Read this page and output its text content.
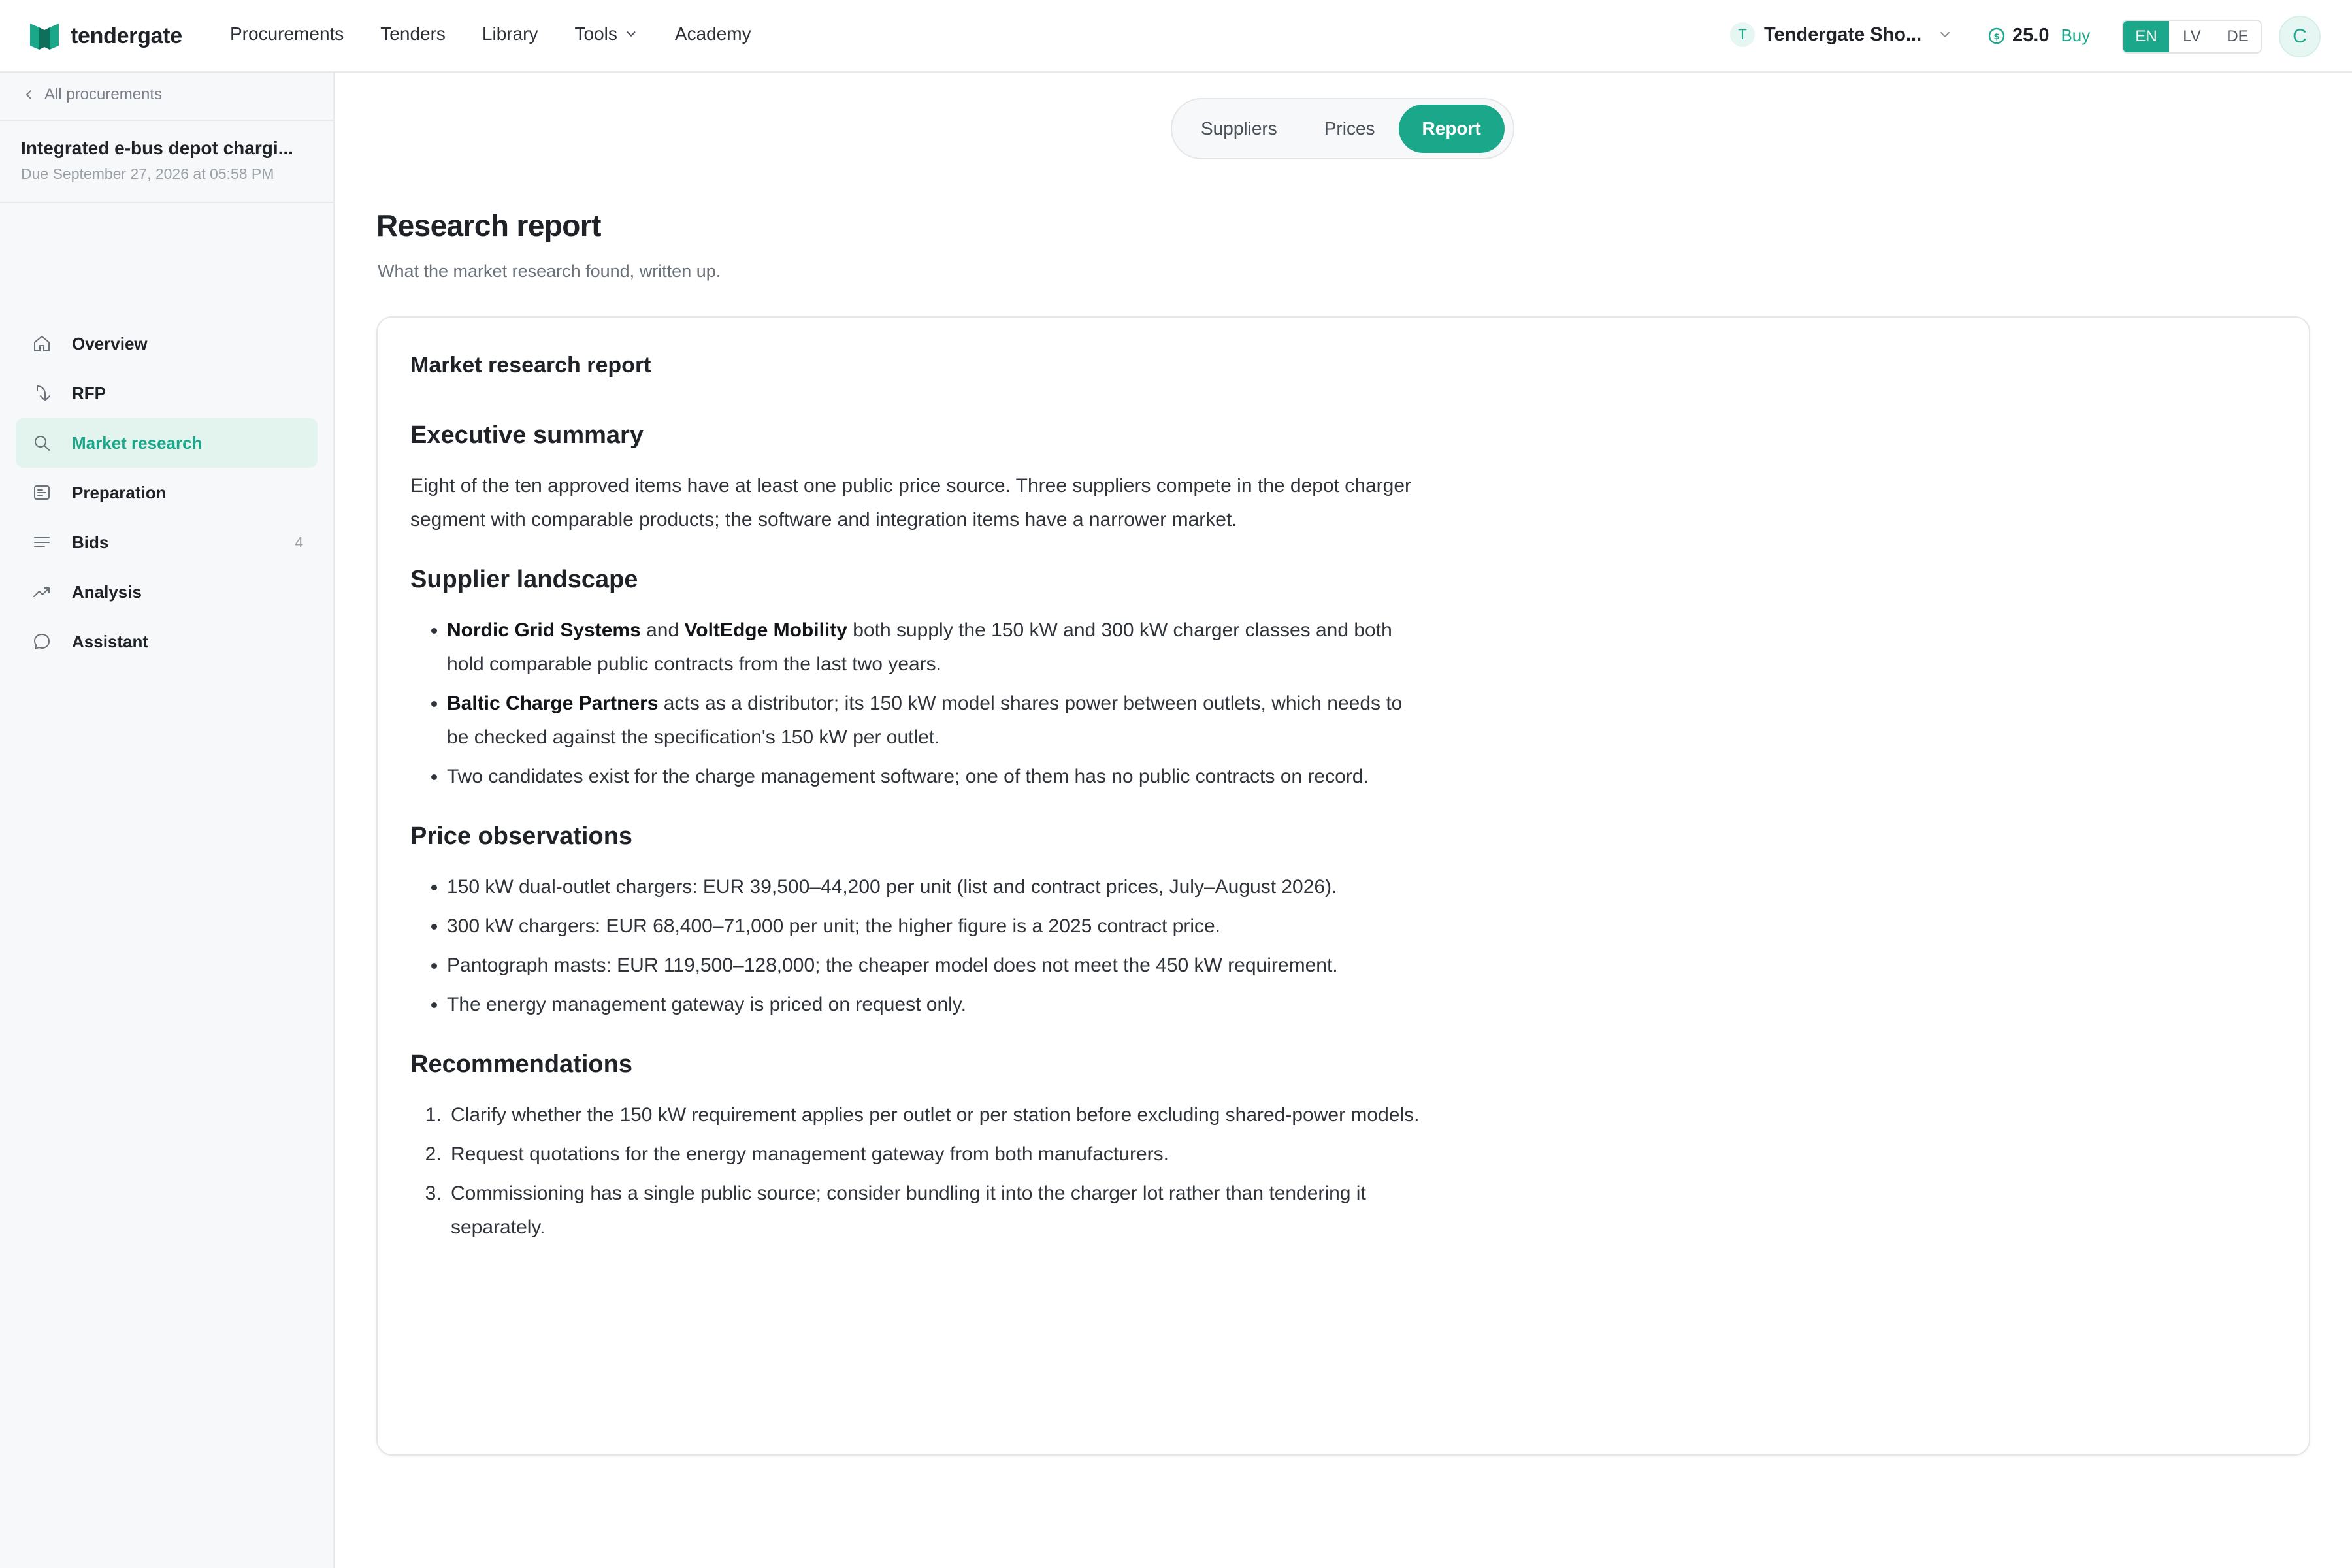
tendergate	Procurements Tenders Library Tools	Academy	T Tendergate Sho...	$ 25.0 Buy	EN	LV	DE	C
All procurements
Integrated e-bus depot chargi...
Due September 27, 2026 at 05:58 PM
Overview
RFP
Market research
Preparation
Bids	4
Analysis
Assistant
Suppliers	Prices	Report
Research report
What the market research found, written up.
Market research report
Executive summary

Eight of the ten approved items have at least one public price source. Three suppliers compete in the depot charger segment with comparable products; the software and integration items have a narrower market.

Supplier landscape
• Nordic Grid Systems and VoltEdge Mobility both supply the 150 kW and 300 kW charger classes and both hold comparable public contracts from the last two years.
• Baltic Charge Partners acts as a distributor; its 150 kW model shares power between outlets, which needs to be checked against the specification's 150 kW per outlet.
• Two candidates exist for the charge management software; one of them has no public contracts on record.
Price observations
• 150 kW dual-outlet chargers: EUR 39,500–44,200 per unit (list and contract prices, July–August 2026).
• 300 kW chargers: EUR 68,400–71,000 per unit; the higher figure is a 2025 contract price.
• Pantograph masts: EUR 119,500–128,000; the cheaper model does not meet the 450 kW requirement.
• The energy management gateway is priced on request only.
Recommendations
1. Clarify whether the 150 kW requirement applies per outlet or per station before excluding shared-power models.
2. Request quotations for the energy management gateway from both manufacturers.
3. Commissioning has a single public source; consider bundling it into the charger lot rather than tendering it separately.
